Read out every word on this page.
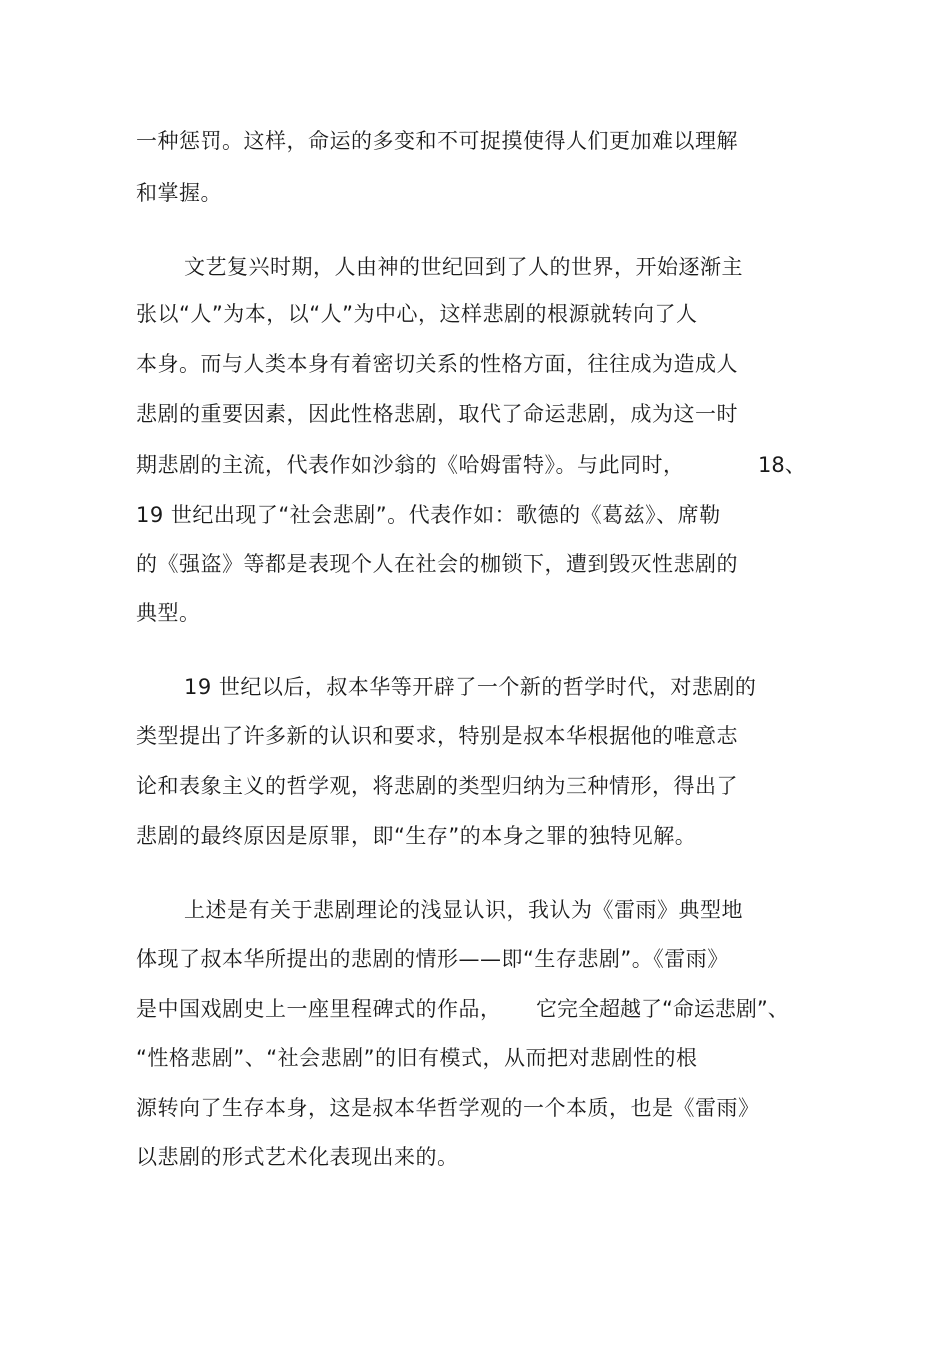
一种惩罚。这样，命运的多变和不可捉摸使得人们更加难以理解
和掌握。
文艺复兴时期，人由神的世纪回到了人的世界，开始逐渐主
张以“人”为本，以“人”为中心，这样悲剧的根源就转向了人
本身。而与人类本身有着密切关系的性格方面，往往成为造成人
悲剧的重要因素，因此性格悲剧，取代了命运悲剧，成为这一时
期悲剧的主流，代表作如沙翁的《哈姆雷特》。与此同时，	18、
19 世纪出现了“社会悲剧”。代表作如：歌德的《葛兹》、席勒
的《强盗》等都是表现个人在社会的枷锁下，遭到毁灭性悲剧的
典型。
19 世纪以后，叔本华等开辟了一个新的哲学时代，对悲剧的
类型提出了许多新的认识和要求，特别是叔本华根据他的唯意志
论和表象主义的哲学观，将悲剧的类型归纳为三种情形，得出了
悲剧的最终原因是原罪，即“生存”的本身之罪的独特见解。
上述是有关于悲剧理论的浅显认识，我认为《雷雨》典型地
体现了叔本华所提出的悲剧的情形——即“生存悲剧”。《雷雨》
是中国戏剧史上一座里程碑式的作品， 它完全超越了“命运悲剧”、
“性格悲剧”、“社会悲剧”的旧有模式，从而把对悲剧性的根
源转向了生存本身，这是叔本华哲学观的一个本质，也是《雷雨》
以悲剧的形式艺术化表现出来的。
